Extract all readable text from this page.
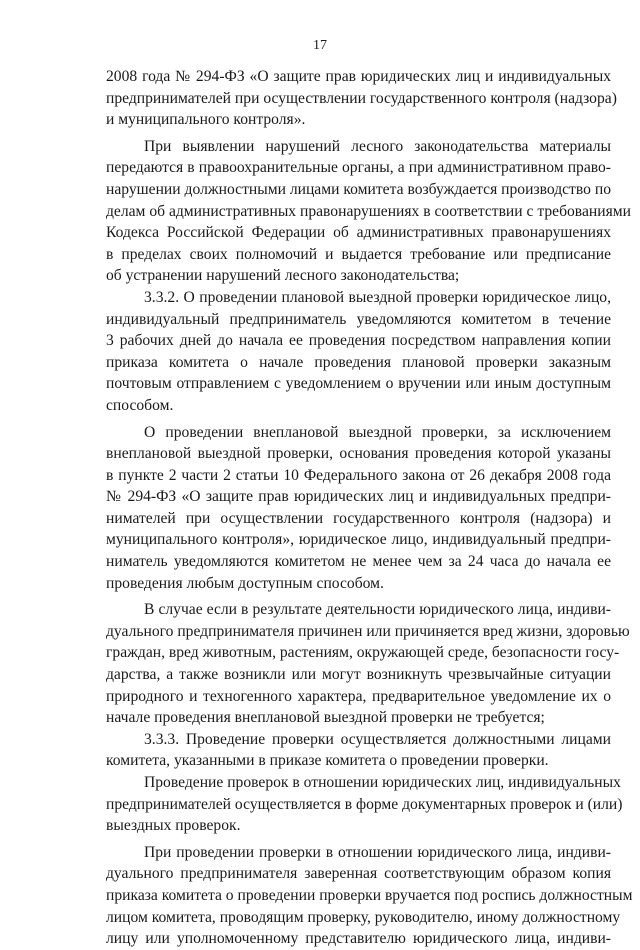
17
2008 года № 294-ФЗ «О защите прав юридических лиц и индивидуальных
предпринимателей при осуществлении государственного контроля (надзора)
и муниципального контроля».
При выявлении нарушений лесного законодательства материалы
передаются в правоохранительные органы, а при административном право-
нарушении должностными лицами комитета возбуждается производство по
делам об административных правонарушениях в соответствии с требованиями
Кодекса Российской Федерации об административных правонарушениях
в пределах своих полномочий и выдается требование или предписание
об устранении нарушений лесного законодательства;
3.3.2. О проведении плановой выездной проверки юридическое лицо,
индивидуальный предприниматель уведомляются комитетом в течение
3 рабочих дней до начала ее проведения посредством направления копии
приказа комитета о начале проведения плановой проверки заказным
почтовым отправлением с уведомлением о вручении или иным доступным
способом.
О проведении внеплановой выездной проверки, за исключением
внеплановой выездной проверки, основания проведения которой указаны
в пункте 2 части 2 статьи 10 Федерального закона от 26 декабря 2008 года
№ 294-ФЗ «О защите прав юридических лиц и индивидуальных предпри-
нимателей при осуществлении государственного контроля (надзора) и
муниципального контроля», юридическое лицо, индивидуальный предпри-
ниматель уведомляются комитетом не менее чем за 24 часа до начала ее
проведения любым доступным способом.
В случае если в результате деятельности юридического лица, индиви-
дуального предпринимателя причинен или причиняется вред жизни, здоровью
граждан, вред животным, растениям, окружающей среде, безопасности госу-
дарства, а также возникли или могут возникнуть чрезвычайные ситуации
природного и техногенного характера, предварительное уведомление их о
начале проведения внеплановой выездной проверки не требуется;
3.3.3. Проведение проверки осуществляется должностными лицами
комитета, указанными в приказе комитета о проведении проверки.
Проведение проверок в отношении юридических лиц, индивидуальных
предпринимателей осуществляется в форме документарных проверок и (или)
выездных проверок.
При проведении проверки в отношении юридического лица, индиви-
дуального предпринимателя заверенная соответствующим образом копия
приказа комитета о проведении проверки вручается под роспись должностным
лицом комитета, проводящим проверку, руководителю, иному должностному
лицу или уполномоченному представителю юридического лица, индиви-
